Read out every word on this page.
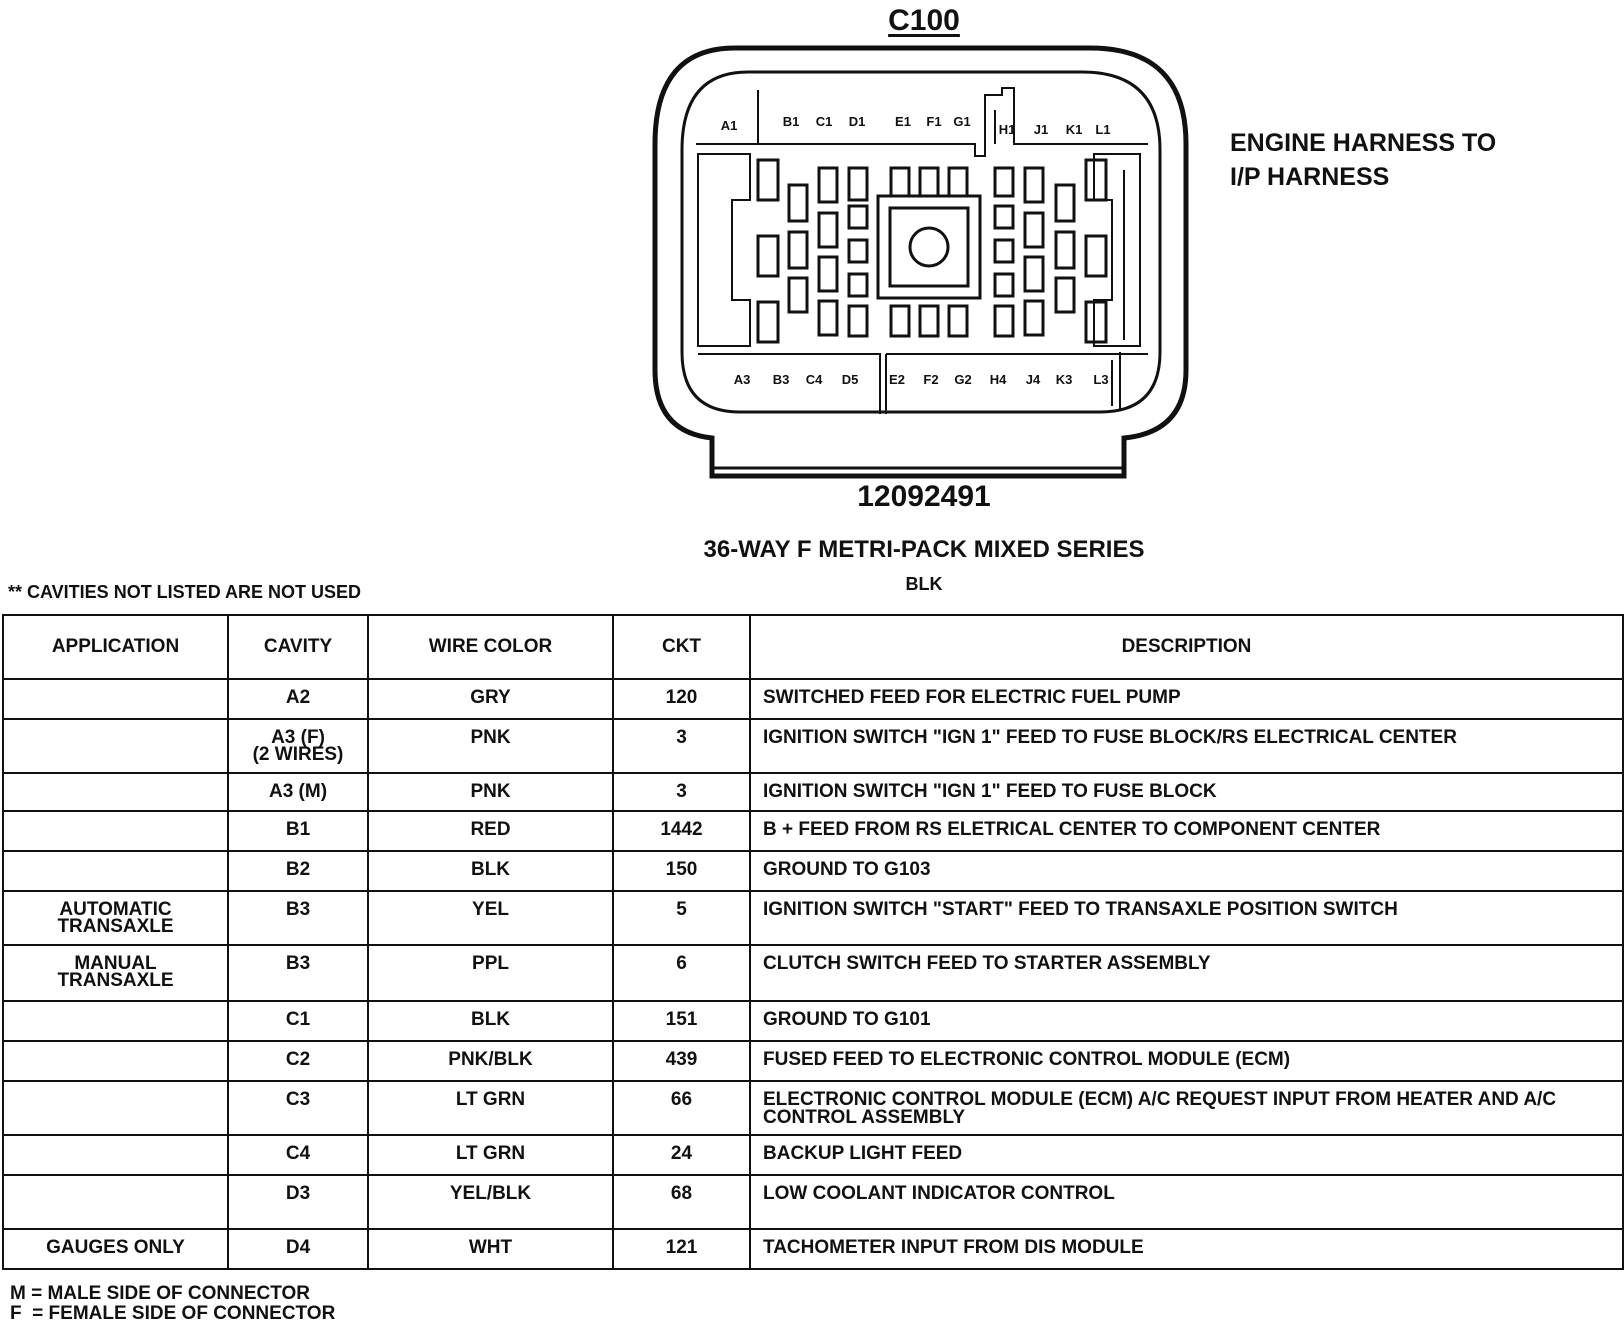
C100
A1	B1 C1 D1 E1 F1 G1
H1 J1 K1 L1
A3 B3 C4 D5 E2 F2 G2 H4 J4 K3 L3
ENGINE HARNESS TO
I/P HARNESS
12092491
36-WAY F METRI-PACK MIXED SERIES
BLK
** CAVITIES NOT LISTED ARE NOT USED
APPLICATION	CAVITY	WIRE COLOR	CKT	DESCRIPTION
	A2	GRY	120	SWITCHED FEED FOR ELECTRIC FUEL PUMP
	A3 (F)
(2 WIRES)	PNK	3	IGNITION SWITCH "IGN 1" FEED TO FUSE BLOCK/RS ELECTRICAL CENTER
	A3 (M)	PNK	3	IGNITION SWITCH "IGN 1" FEED TO FUSE BLOCK
	B1	RED	1442	B + FEED FROM RS ELETRICAL CENTER TO COMPONENT CENTER
	B2	BLK	150	GROUND TO G103
AUTOMATIC
TRANSAXLE	B3	YEL	5	IGNITION SWITCH "START" FEED TO TRANSAXLE POSITION SWITCH
MANUAL
TRANSAXLE	B3	PPL	6	CLUTCH SWITCH FEED TO STARTER ASSEMBLY
	C1	BLK	151	GROUND TO G101
	C2	PNK/BLK	439	FUSED FEED TO ELECTRONIC CONTROL MODULE (ECM)
	C3	LT GRN	66	ELECTRONIC CONTROL MODULE (ECM) A/C REQUEST INPUT FROM HEATER AND A/C CONTROL ASSEMBLY
	C4	LT GRN	24	BACKUP LIGHT FEED
	D3	YEL/BLK	68	LOW COOLANT INDICATOR CONTROL
GAUGES ONLY	D4	WHT	121	TACHOMETER INPUT FROM DIS MODULE
M = MALE SIDE OF CONNECTOR
F  = FEMALE SIDE OF CONNECTOR
